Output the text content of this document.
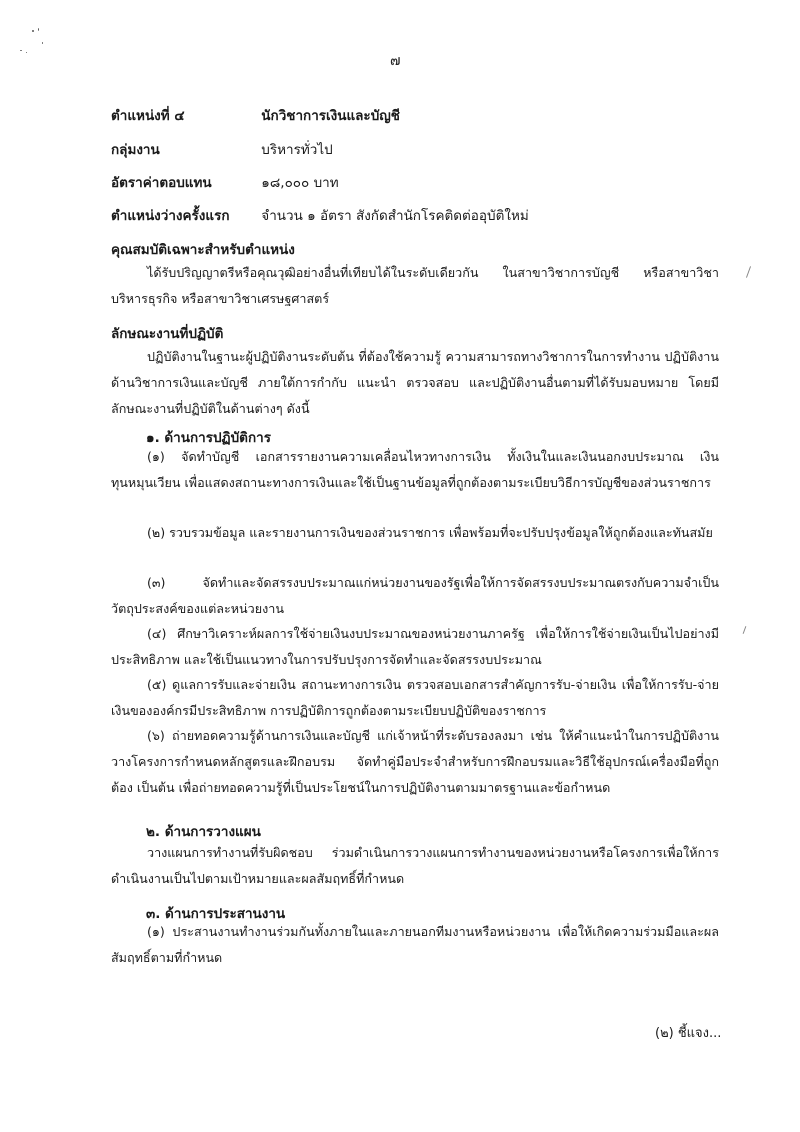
๗
ตำแหน่งที่ ๔	นักวิชาการเงินและบัญชี
กลุ่มงาน	บริหารทั่วไป
อัตราค่าตอบแทน	๑๘,๐๐๐ บาท
ตำแหน่งว่างครั้งแรก จำนวน ๑ อัตรา สังกัดสำนักโรคติดต่ออุบัติใหม่
คุณสมบัติเฉพาะสำหรับตำแหน่ง
ได้รับปริญญาตรีหรือคุณวุฒิอย่างอื่นที่เทียบได้ในระดับเดียวกัน ในสาขาวิชาการบัญชี หรือสาขาวิชาบริหารธุรกิจ หรือสาขาวิชาเศรษฐศาสตร์
ลักษณะงานที่ปฏิบัติ
ปฏิบัติงานในฐานะผู้ปฏิบัติงานระดับต้น ที่ต้องใช้ความรู้ ความสามารถทางวิชาการในการทำงาน ปฏิบัติงานด้านวิชาการเงินและบัญชี ภายใต้การกำกับ แนะนำ ตรวจสอบ และปฏิบัติงานอื่นตามที่ได้รับมอบหมาย โดยมีลักษณะงานที่ปฏิบัติในด้านต่างๆ ดังนี้
๑. ด้านการปฏิบัติการ
(๑) จัดทำบัญชี เอกสารรายงานความเคลื่อนไหวทางการเงิน ทั้งเงินในและเงินนอกงบประมาณ เงินทุนหมุนเวียน เพื่อแสดงสถานะทางการเงินและใช้เป็นฐานข้อมูลที่ถูกต้องตามระเบียบวิธีการบัญชีของส่วนราชการ
(๒) รวบรวมข้อมูล และรายงานการเงินของส่วนราชการ เพื่อพร้อมที่จะปรับปรุงข้อมูลให้ถูกต้องและทันสมัย
(๓) จัดทำและจัดสรรงบประมาณแก่หน่วยงานของรัฐเพื่อให้การจัดสรรงบประมาณตรงกับความจำเป็นวัตถุประสงค์ของแต่ละหน่วยงาน
(๔) ศึกษาวิเคราะห์ผลการใช้จ่ายเงินงบประมาณของหน่วยงานภาครัฐ เพื่อให้การใช้จ่ายเงินเป็นไปอย่างมีประสิทธิภาพ และใช้เป็นแนวทางในการปรับปรุงการจัดทำและจัดสรรงบประมาณ
(๕) ดูแลการรับและจ่ายเงิน สถานะทางการเงิน ตรวจสอบเอกสารสำคัญการรับ-จ่ายเงิน เพื่อให้การรับ-จ่ายเงินขององค์กรมีประสิทธิภาพ การปฏิบัติการถูกต้องตามระเบียบปฏิบัติของราชการ
(๖) ถ่ายทอดความรู้ด้านการเงินและบัญชี แก่เจ้าหน้าที่ระดับรองลงมา เช่น ให้คำแนะนำในการปฏิบัติงาน วางโครงการกำหนดหลักสูตรและฝึกอบรม จัดทำคู่มือประจำสำหรับการฝึกอบรมและวิธีใช้อุปกรณ์เครื่องมือที่ถูกต้อง เป็นต้น เพื่อถ่ายทอดความรู้ที่เป็นประโยชน์ในการปฏิบัติงานตามมาตรฐานและข้อกำหนด
๒. ด้านการวางแผน
วางแผนการทำงานที่รับผิดชอบ ร่วมดำเนินการวางแผนการทำงานของหน่วยงานหรือโครงการเพื่อให้การดำเนินงานเป็นไปตามเป้าหมายและผลสัมฤทธิ์ที่กำหนด
๓. ด้านการประสานงาน
(๑) ประสานงานทำงานร่วมกันทั้งภายในและภายนอกทีมงานหรือหน่วยงาน เพื่อให้เกิดความร่วมมือและผลสัมฤทธิ์ตามที่กำหนด
(๒) ชี้แจง...
